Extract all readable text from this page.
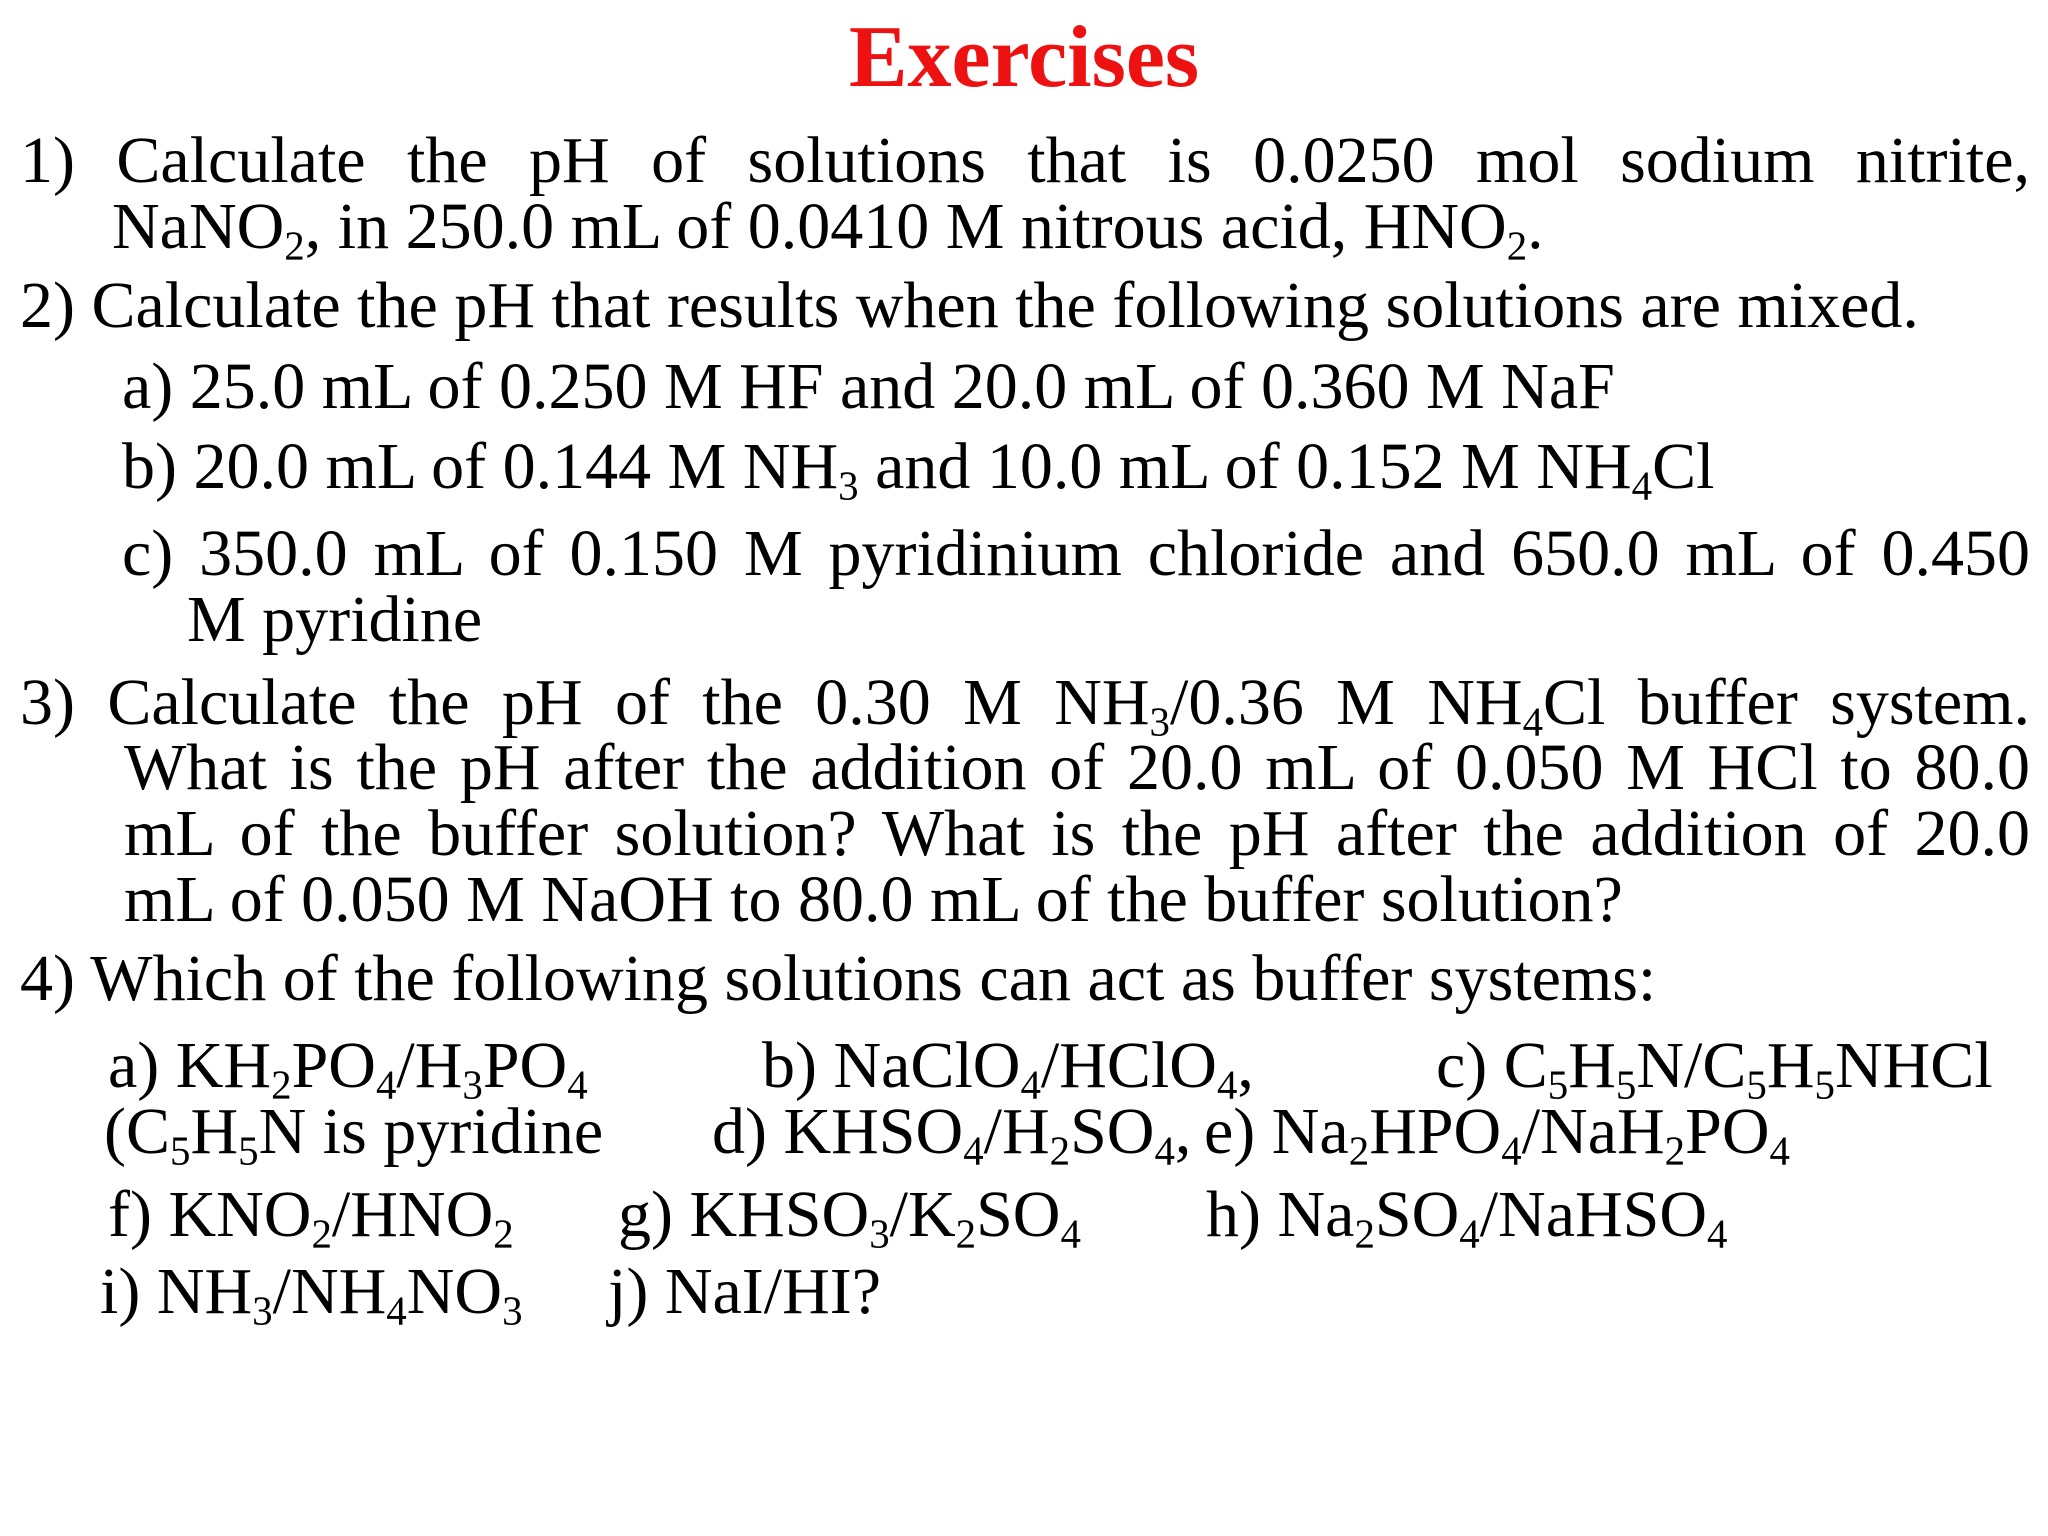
Exercises
1) Calculate the pH of solutions that is 0.0250 mol sodium nitrite,
NaNO$_2$, in 250.0 mL of 0.0410 M nitrous acid, $HNO_2$.
2) Calculate the pH that results when the following solutions are mixed.
a) 25.0 mL of 0.250 M HF and 20.0 mL of 0.360 M NaF
b) 20.0 mL of 0.144 M $NH_3$ and 10.0 mL of 0.152 M $NH_4Cl$
c) 350.0 mL of 0.150 M pyridinium chloride and 650.0 mL of 0.450
M pyridine
3) Calculate the pH of the 0.30 M $NH_3/0.36$ M $NH_4Cl$ buffer system.
What is the pH after the addition of 20.0 mL of 0.050 M HCl to 80.0
mL of the buffer solution? What is the pH after the addition of 20.0
mL of 0.050 M NaOH to 80.0 mL of the buffer solution?
4) Which of the following solutions can act as buffer systems:
a) $KH_2PO_4/H_3PO_4$	b) NaClO$_4$/HClO$_4$,	c) $C_5H_5N/C_5H_5NHCl$
($C_5H_5N$ is pyridine d) $KHSO_4/H_2SO_4$, e) $Na_2HPO_4/NaH_2PO_4$
f) $KNO_2/HNO_2$ g) $KHSO_3/K_2SO_4$ h) $Na_2SO_4/NaHSO_4$
i) $NH_3/NH_4NO_3$ j) NaI/HI?
